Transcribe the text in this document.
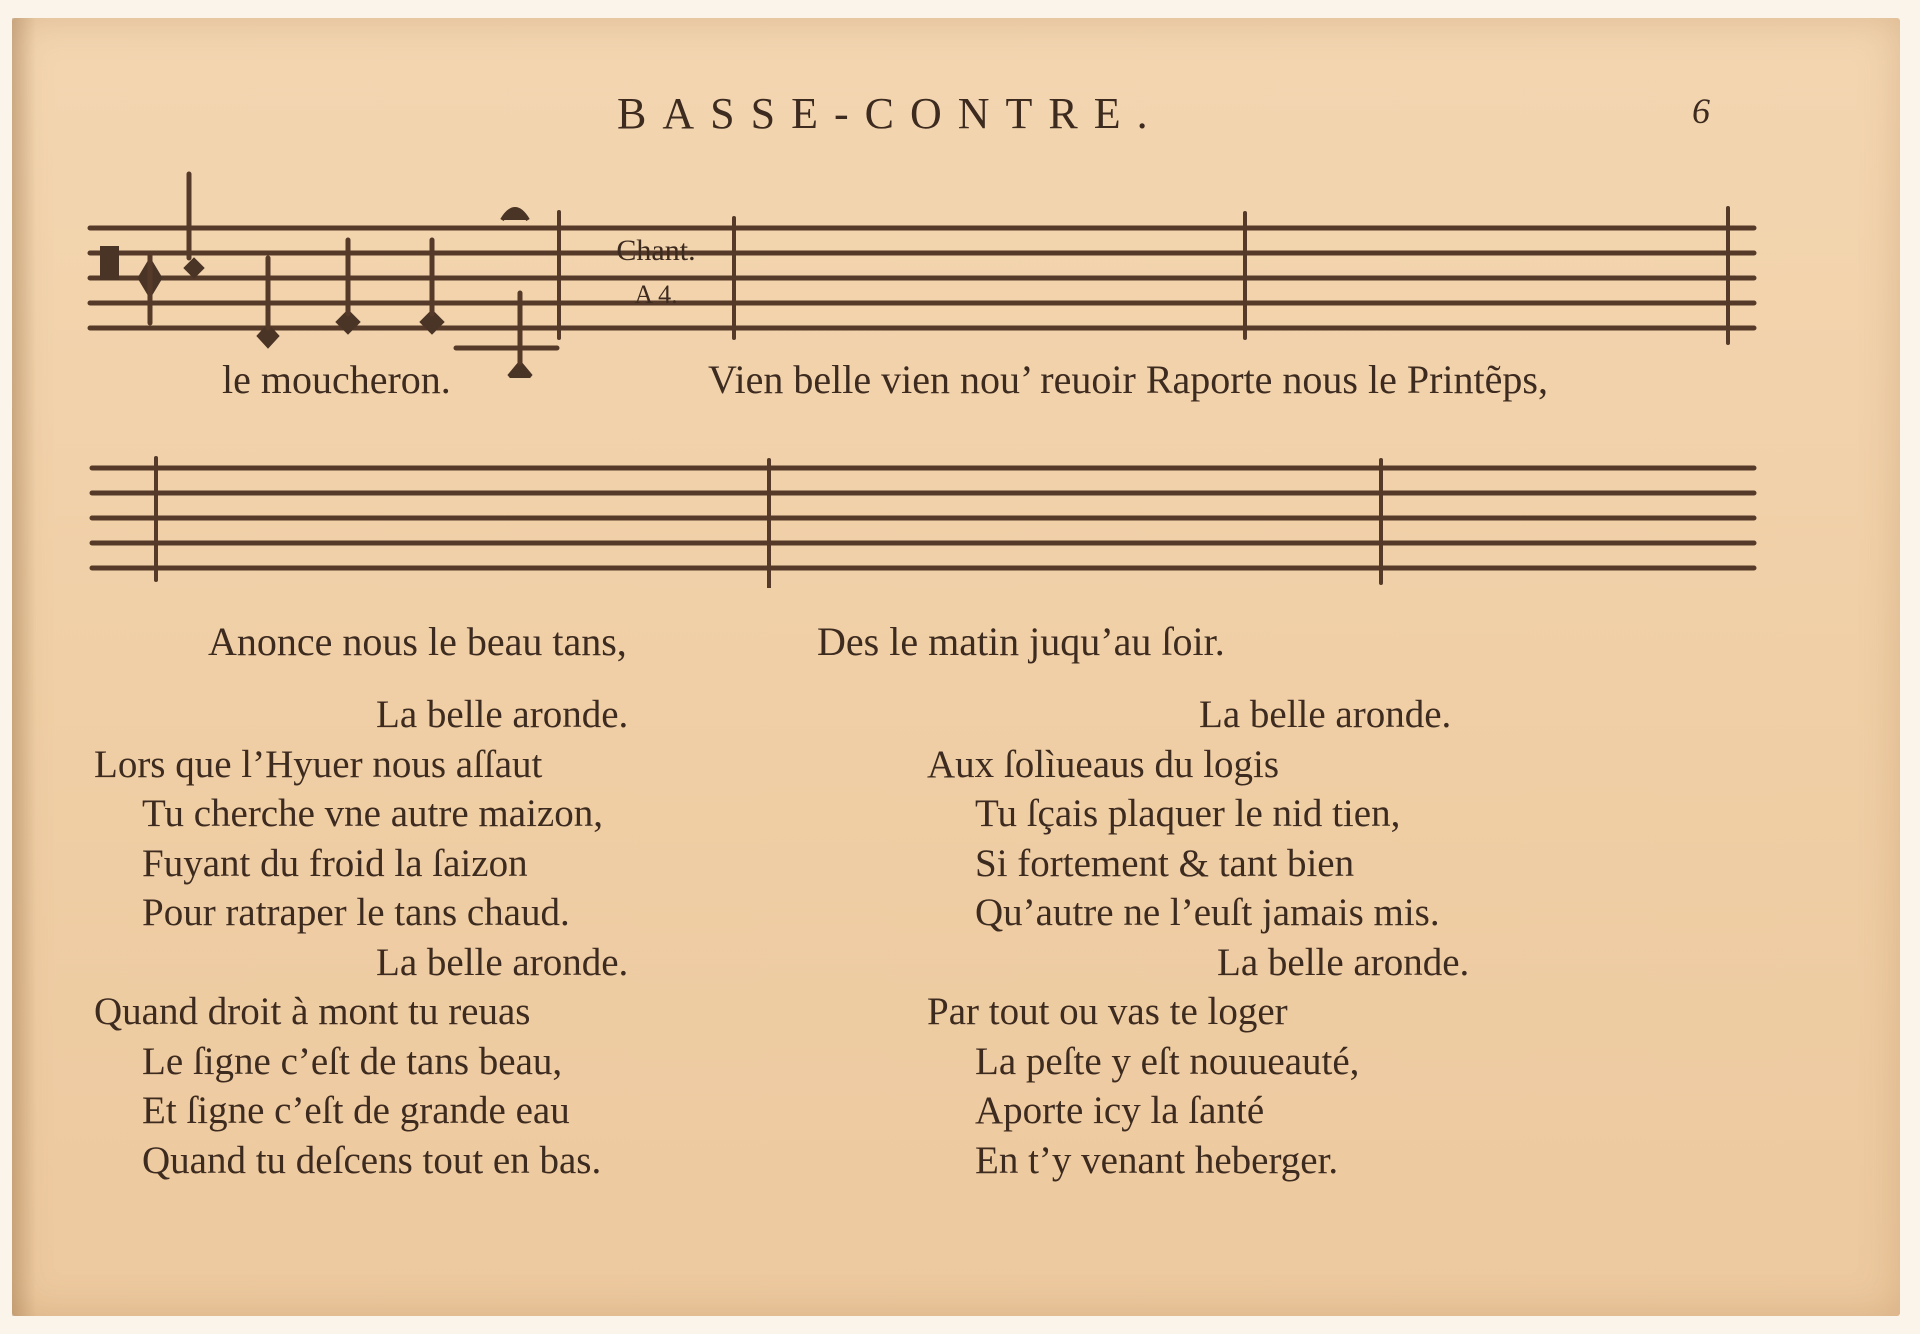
BASSE-CONTRE.	6
Chant.
A 4.
le moucheron.	Vien belle vien nou’ reuoir Raporte nous le Printẽps,
Anonce nous le beau tans,	Des le matin juqu’au ſoir.
La belle aronde.
Lors que l’Hyuer nous aſſaut
Tu cherche vne autre maizon,
Fuyant du froid la ſaizon
Pour ratraper le tans chaud.
La belle aronde.
Quand droit à mont tu reuas
Le ſigne c’eſt de tans beau,
Et ſigne c’eſt de grande eau
Quand tu deſcens tout en bas.
La belle aronde.
Aux ſolìueaus du logis
Tu ſçais plaquer le nid tien,
Si fortement & tant bien
Qu’autre ne l’euſt jamais mis.
La belle aronde.
Par tout ou vas te loger
La peſte y eſt nouueauté,
Aporte icy la ſanté
En t’y venant heberger.
